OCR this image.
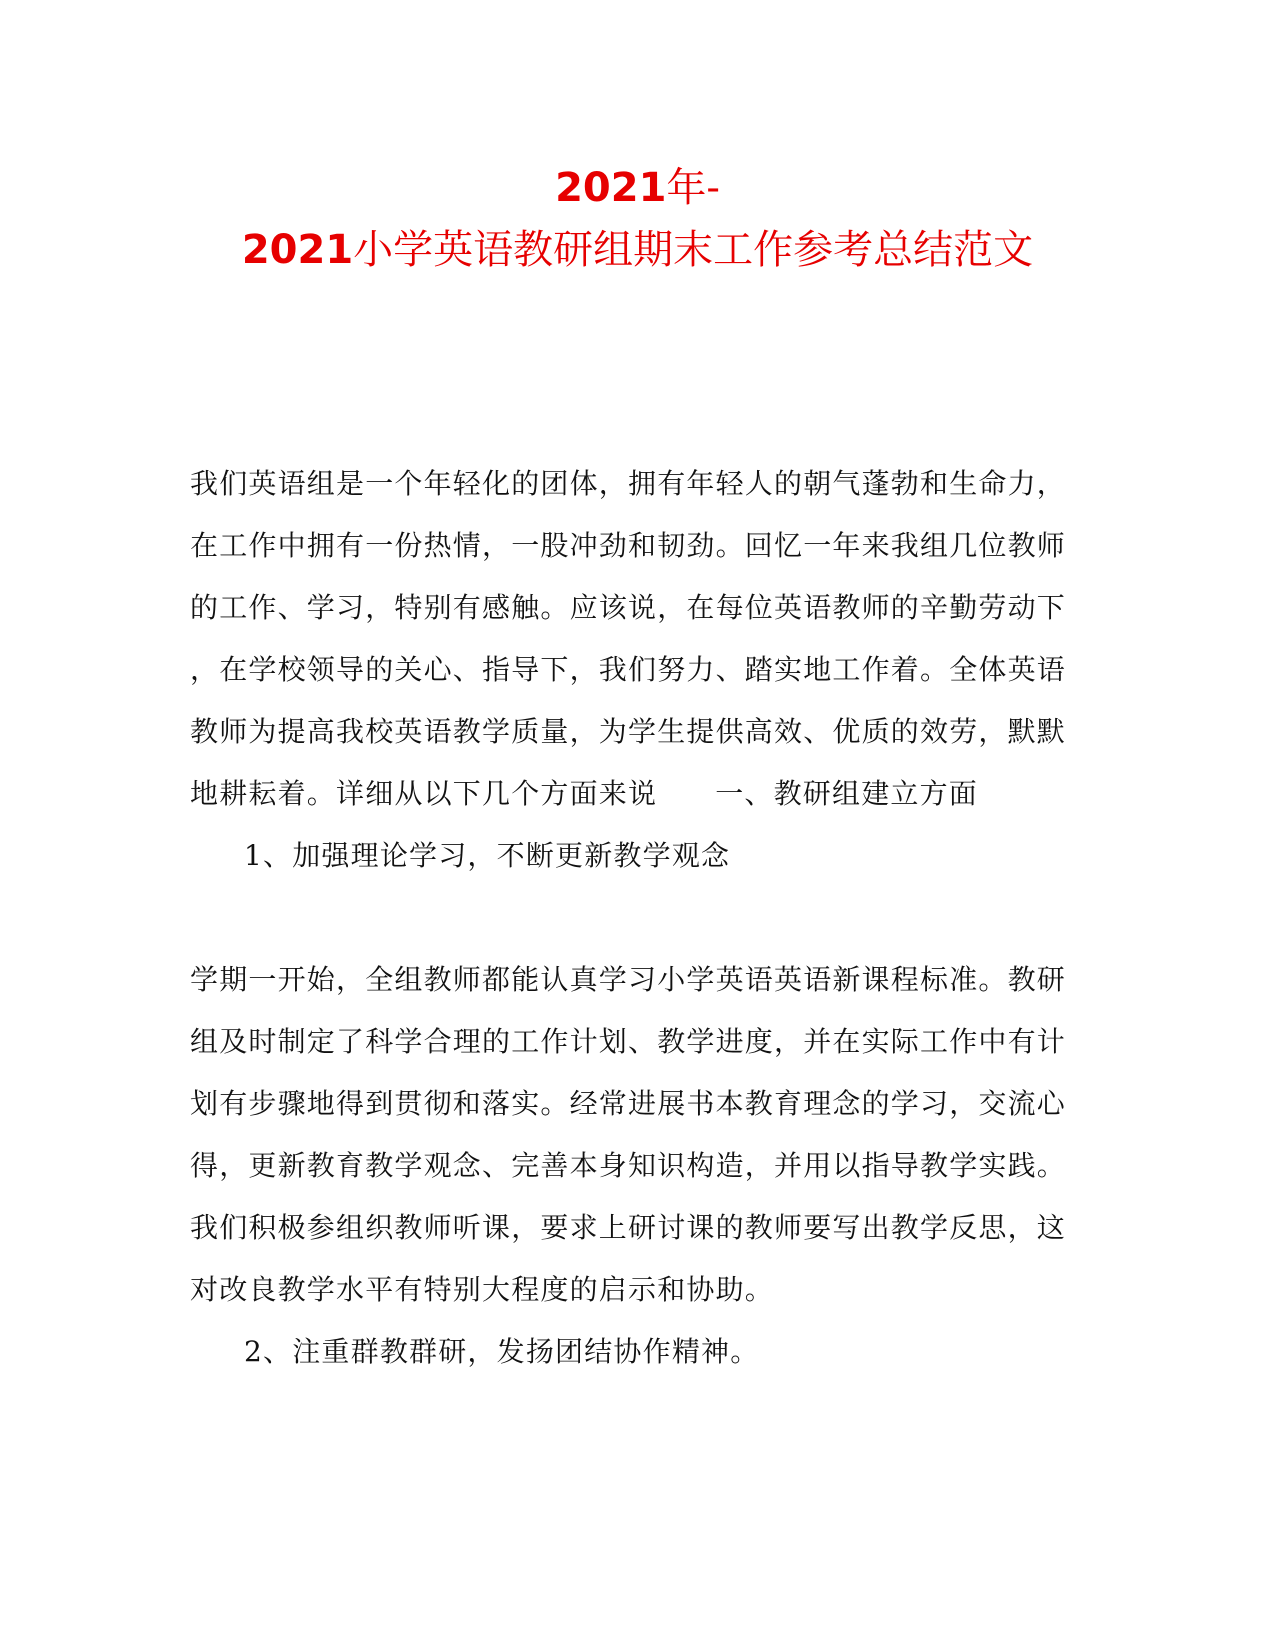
2021年-
2021小学英语教研组期末工作参考总结范文
我们英语组是一个年轻化的团体，拥有年轻人的朝气蓬勃和生命力，
在工作中拥有一份热情，一股冲劲和韧劲。回忆一年来我组几位教师
的工作、学习，特别有感触。应该说，在每位英语教师的辛勤劳动下
，在学校领导的关心、指导下，我们努力、踏实地工作着。全体英语
教师为提高我校英语教学质量，为学生提供高效、优质的效劳，默默
地耕耘着。详细从以下几个方面来说 一、教研组建立方面
1、加强理论学习，不断更新教学观念
学期一开始，全组教师都能认真学习小学英语英语新课程标准。教研
组及时制定了科学合理的工作计划、教学进度，并在实际工作中有计
划有步骤地得到贯彻和落实。经常进展书本教育理念的学习，交流心
得，更新教育教学观念、完善本身知识构造，并用以指导教学实践。
我们积极参组织教师听课，要求上研讨课的教师要写出教学反思，这
对改良教学水平有特别大程度的启示和协助。
2、注重群教群研，发扬团结协作精神。
